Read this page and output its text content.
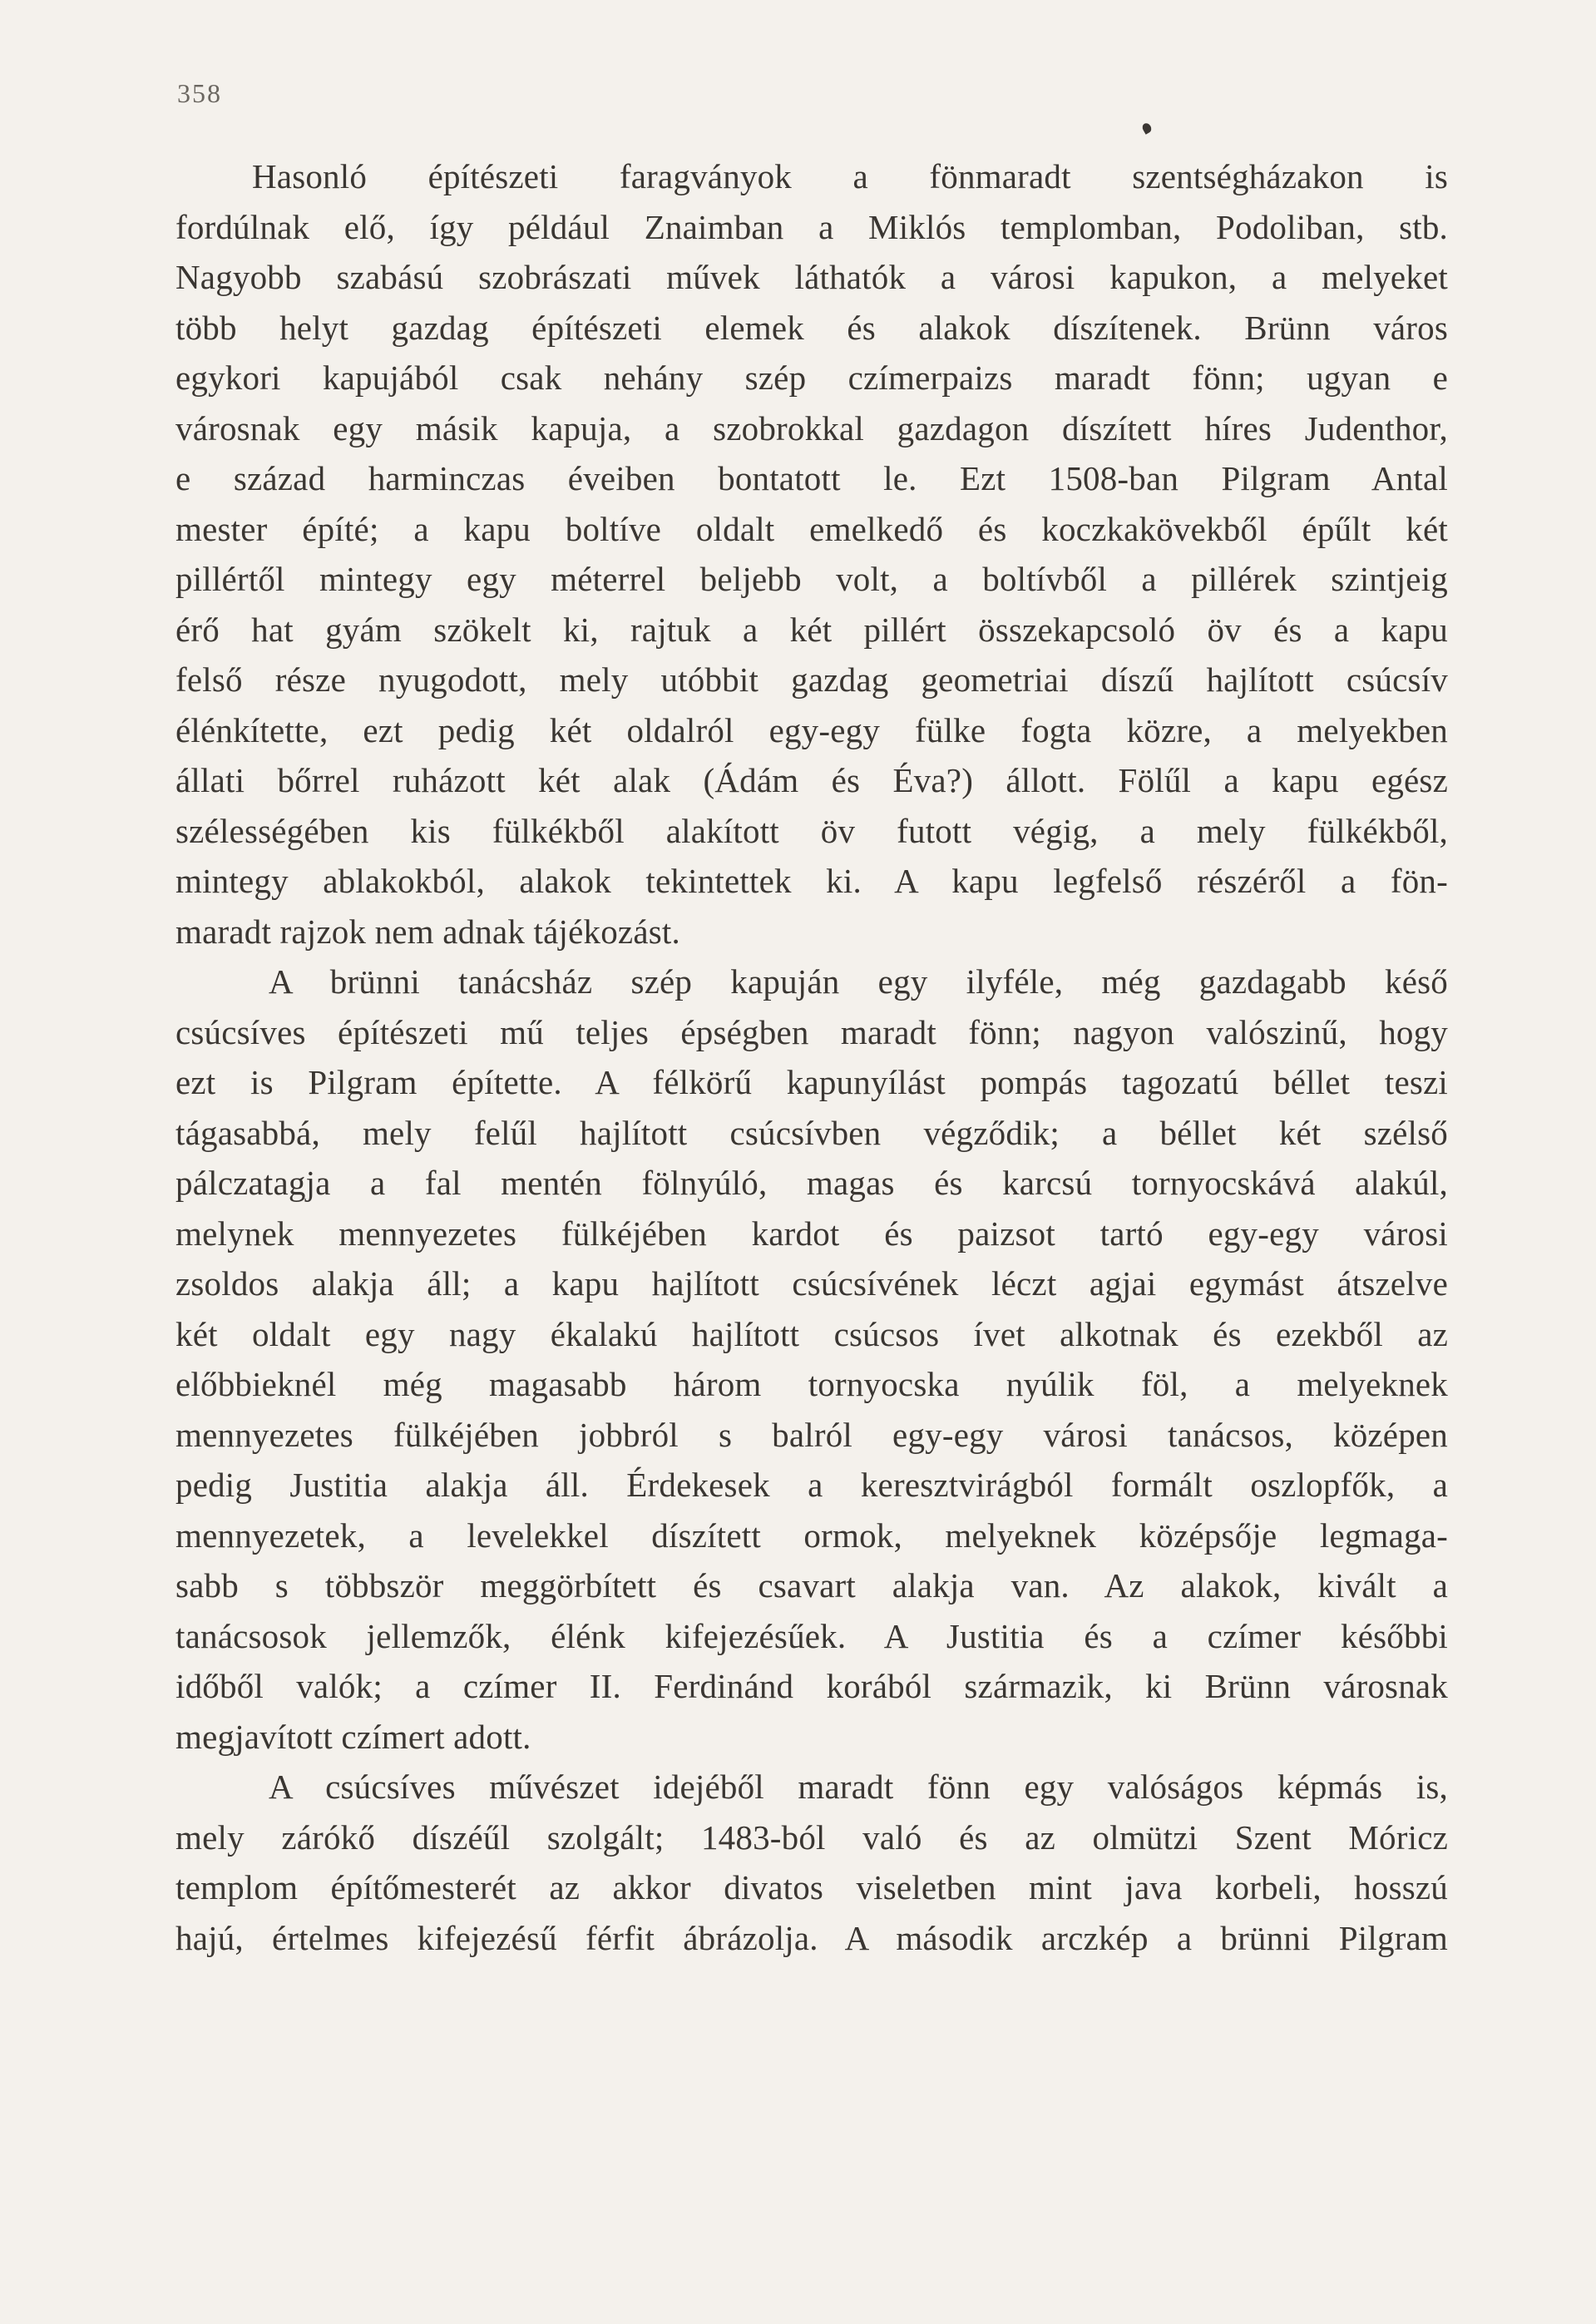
358
Hasonló építészeti faragványok a fönmaradt szentségházakon is
fordúlnak elő, így például Znaimban a Miklós templomban, Podoliban, stb.
Nagyobb szabású szobrászati művek láthatók a városi kapukon, a melyeket
több helyt gazdag építészeti elemek és alakok díszítenek. Brünn város
egykori kapujából csak nehány szép czímerpaizs maradt fönn; ugyan e
városnak egy másik kapuja, a szobrokkal gazdagon díszített híres Judenthor,
e század harminczas éveiben bontatott le. Ezt 1508-ban Pilgram Antal
mester építé; a kapu boltíve oldalt emelkedő és koczkakövekből épűlt két
pillértől mintegy egy méterrel beljebb volt, a boltívből a pillérek szintjeig
érő hat gyám szökelt ki, rajtuk a két pillért összekapcsoló öv és a kapu
felső része nyugodott, mely utóbbit gazdag geometriai díszű hajlított csúcsív
élénkítette, ezt pedig két oldalról egy-egy fülke fogta közre, a melyekben
állati bőrrel ruházott két alak (Ádám és Éva?) állott. Fölűl a kapu egész
szélességében kis fülkékből alakított öv futott végig, a mely fülkékből,
mintegy ablakokból, alakok tekintettek ki. A kapu legfelső részéről a fön-
maradt rajzok nem adnak tájékozást.
A brünni tanácsház szép kapuján egy ilyféle, még gazdagabb késő
csúcsíves építészeti mű teljes épségben maradt fönn; nagyon valószinű, hogy
ezt is Pilgram építette. A félkörű kapunyílást pompás tagozatú béllet teszi
tágasabbá, mely felűl hajlított csúcsívben végződik; a béllet két szélső
pálczatagja a fal mentén fölnyúló, magas és karcsú tornyocskává alakúl,
melynek mennyezetes fülkéjében kardot és paizsot tartó egy-egy városi
zsoldos alakja áll; a kapu hajlított csúcsívének léczt agjai egymást átszelve
két oldalt egy nagy ékalakú hajlított csúcsos ívet alkotnak és ezekből az
előbbieknél még magasabb három tornyocska nyúlik föl, a melyeknek
mennyezetes fülkéjében jobbról s balról egy-egy városi tanácsos, középen
pedig Justitia alakja áll. Érdekesek a keresztvirágból formált oszlopfők, a
mennyezetek, a levelekkel díszített ormok, melyeknek középsője legmaga-
sabb s többször meggörbített és csavart alakja van. Az alakok, kivált a
tanácsosok jellemzők, élénk kifejezésűek. A Justitia és a czímer későbbi
időből valók; a czímer II. Ferdinánd korából származik, ki Brünn városnak
megjavított czímert adott.
A csúcsíves művészet idejéből maradt fönn egy valóságos képmás is,
mely zárókő díszéűl szolgált; 1483-ból való és az olmützi Szent Móricz
templom építőmesterét az akkor divatos viseletben mint java korbeli, hosszú
hajú, értelmes kifejezésű férfit ábrázolja. A második arczkép a brünni Pilgram
